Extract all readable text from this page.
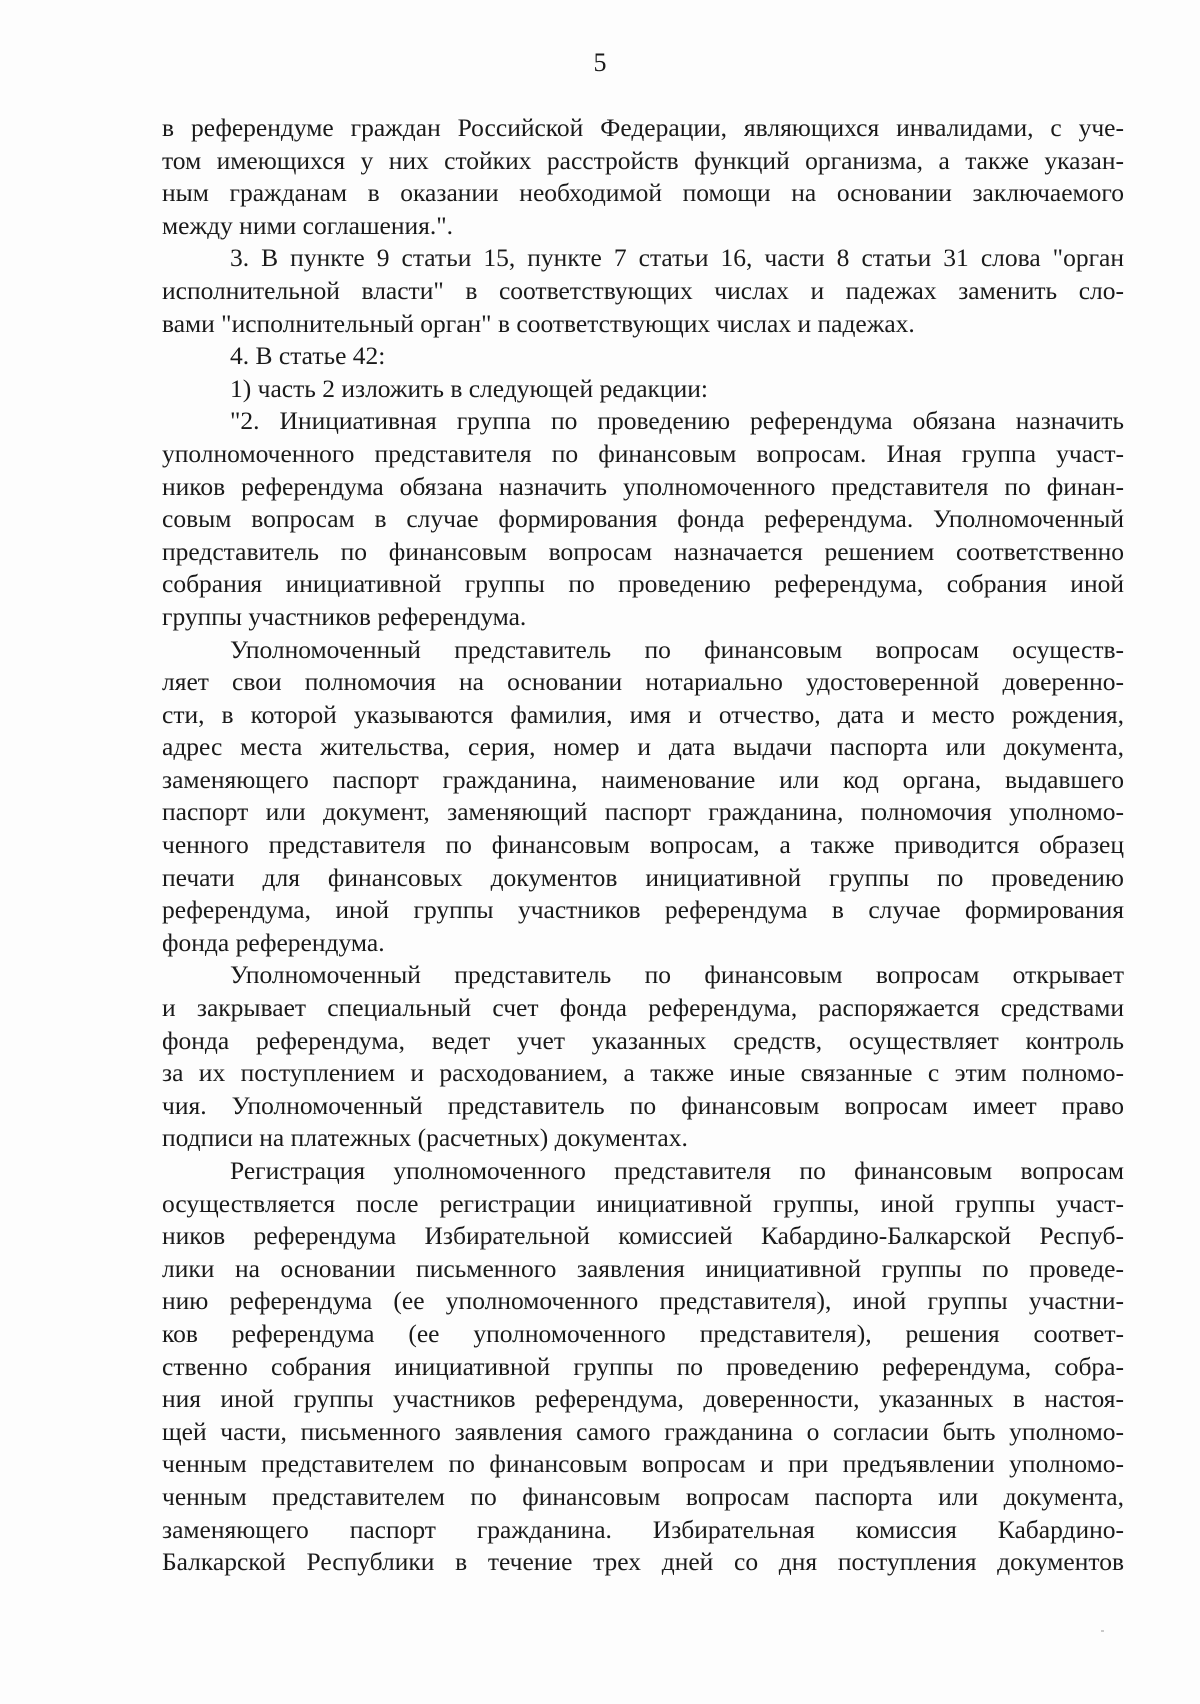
5
в референдуме граждан Российской Федерации, являющихся инвалидами, с уче-
том имеющихся у них стойких расстройств функций организма, а также указан-
ным гражданам в оказании необходимой помощи на основании заключаемого
между ними соглашения.".
3. В пункте 9 статьи 15, пункте 7 статьи 16, части 8 статьи 31 слова "орган
исполнительной власти" в соответствующих числах и падежах заменить сло-
вами "исполнительный орган" в соответствующих числах и падежах.
4. В статье 42:
1) часть 2 изложить в следующей редакции:
"2. Инициативная группа по проведению референдума обязана назначить
уполномоченного представителя по финансовым вопросам. Иная группа участ-
ников референдума обязана назначить уполномоченного представителя по финан-
совым вопросам в случае формирования фонда референдума. Уполномоченный
представитель по финансовым вопросам назначается решением соответственно
собрания инициативной группы по проведению референдума, собрания иной
группы участников референдума.
Уполномоченный представитель по финансовым вопросам осуществ-
ляет свои полномочия на основании нотариально удостоверенной доверенно-
сти, в которой указываются фамилия, имя и отчество, дата и место рождения,
адрес места жительства, серия, номер и дата выдачи паспорта или документа,
заменяющего паспорт гражданина, наименование или код органа, выдавшего
паспорт или документ, заменяющий паспорт гражданина, полномочия уполномо-
ченного представителя по финансовым вопросам, а также приводится образец
печати для финансовых документов инициативной группы по проведению
референдума, иной группы участников референдума в случае формирования
фонда референдума.
Уполномоченный представитель по финансовым вопросам открывает
и закрывает специальный счет фонда референдума, распоряжается средствами
фонда референдума, ведет учет указанных средств, осуществляет контроль
за их поступлением и расходованием, а также иные связанные с этим полномо-
чия. Уполномоченный представитель по финансовым вопросам имеет право
подписи на платежных (расчетных) документах.
Регистрация уполномоченного представителя по финансовым вопросам
осуществляется после регистрации инициативной группы, иной группы участ-
ников референдума Избирательной комиссией Кабардино-Балкарской Респуб-
лики на основании письменного заявления инициативной группы по проведе-
нию референдума (ее уполномоченного представителя), иной группы участни-
ков референдума (ее уполномоченного представителя), решения соответ-
ственно собрания инициативной группы по проведению референдума, собра-
ния иной группы участников референдума, доверенности, указанных в настоя-
щей части, письменного заявления самого гражданина о согласии быть уполномо-
ченным представителем по финансовым вопросам и при предъявлении уполномо-
ченным представителем по финансовым вопросам паспорта или документа,
заменяющего паспорт гражданина. Избирательная комиссия Кабардино-
Балкарской Республики в течение трех дней со дня поступления документов
